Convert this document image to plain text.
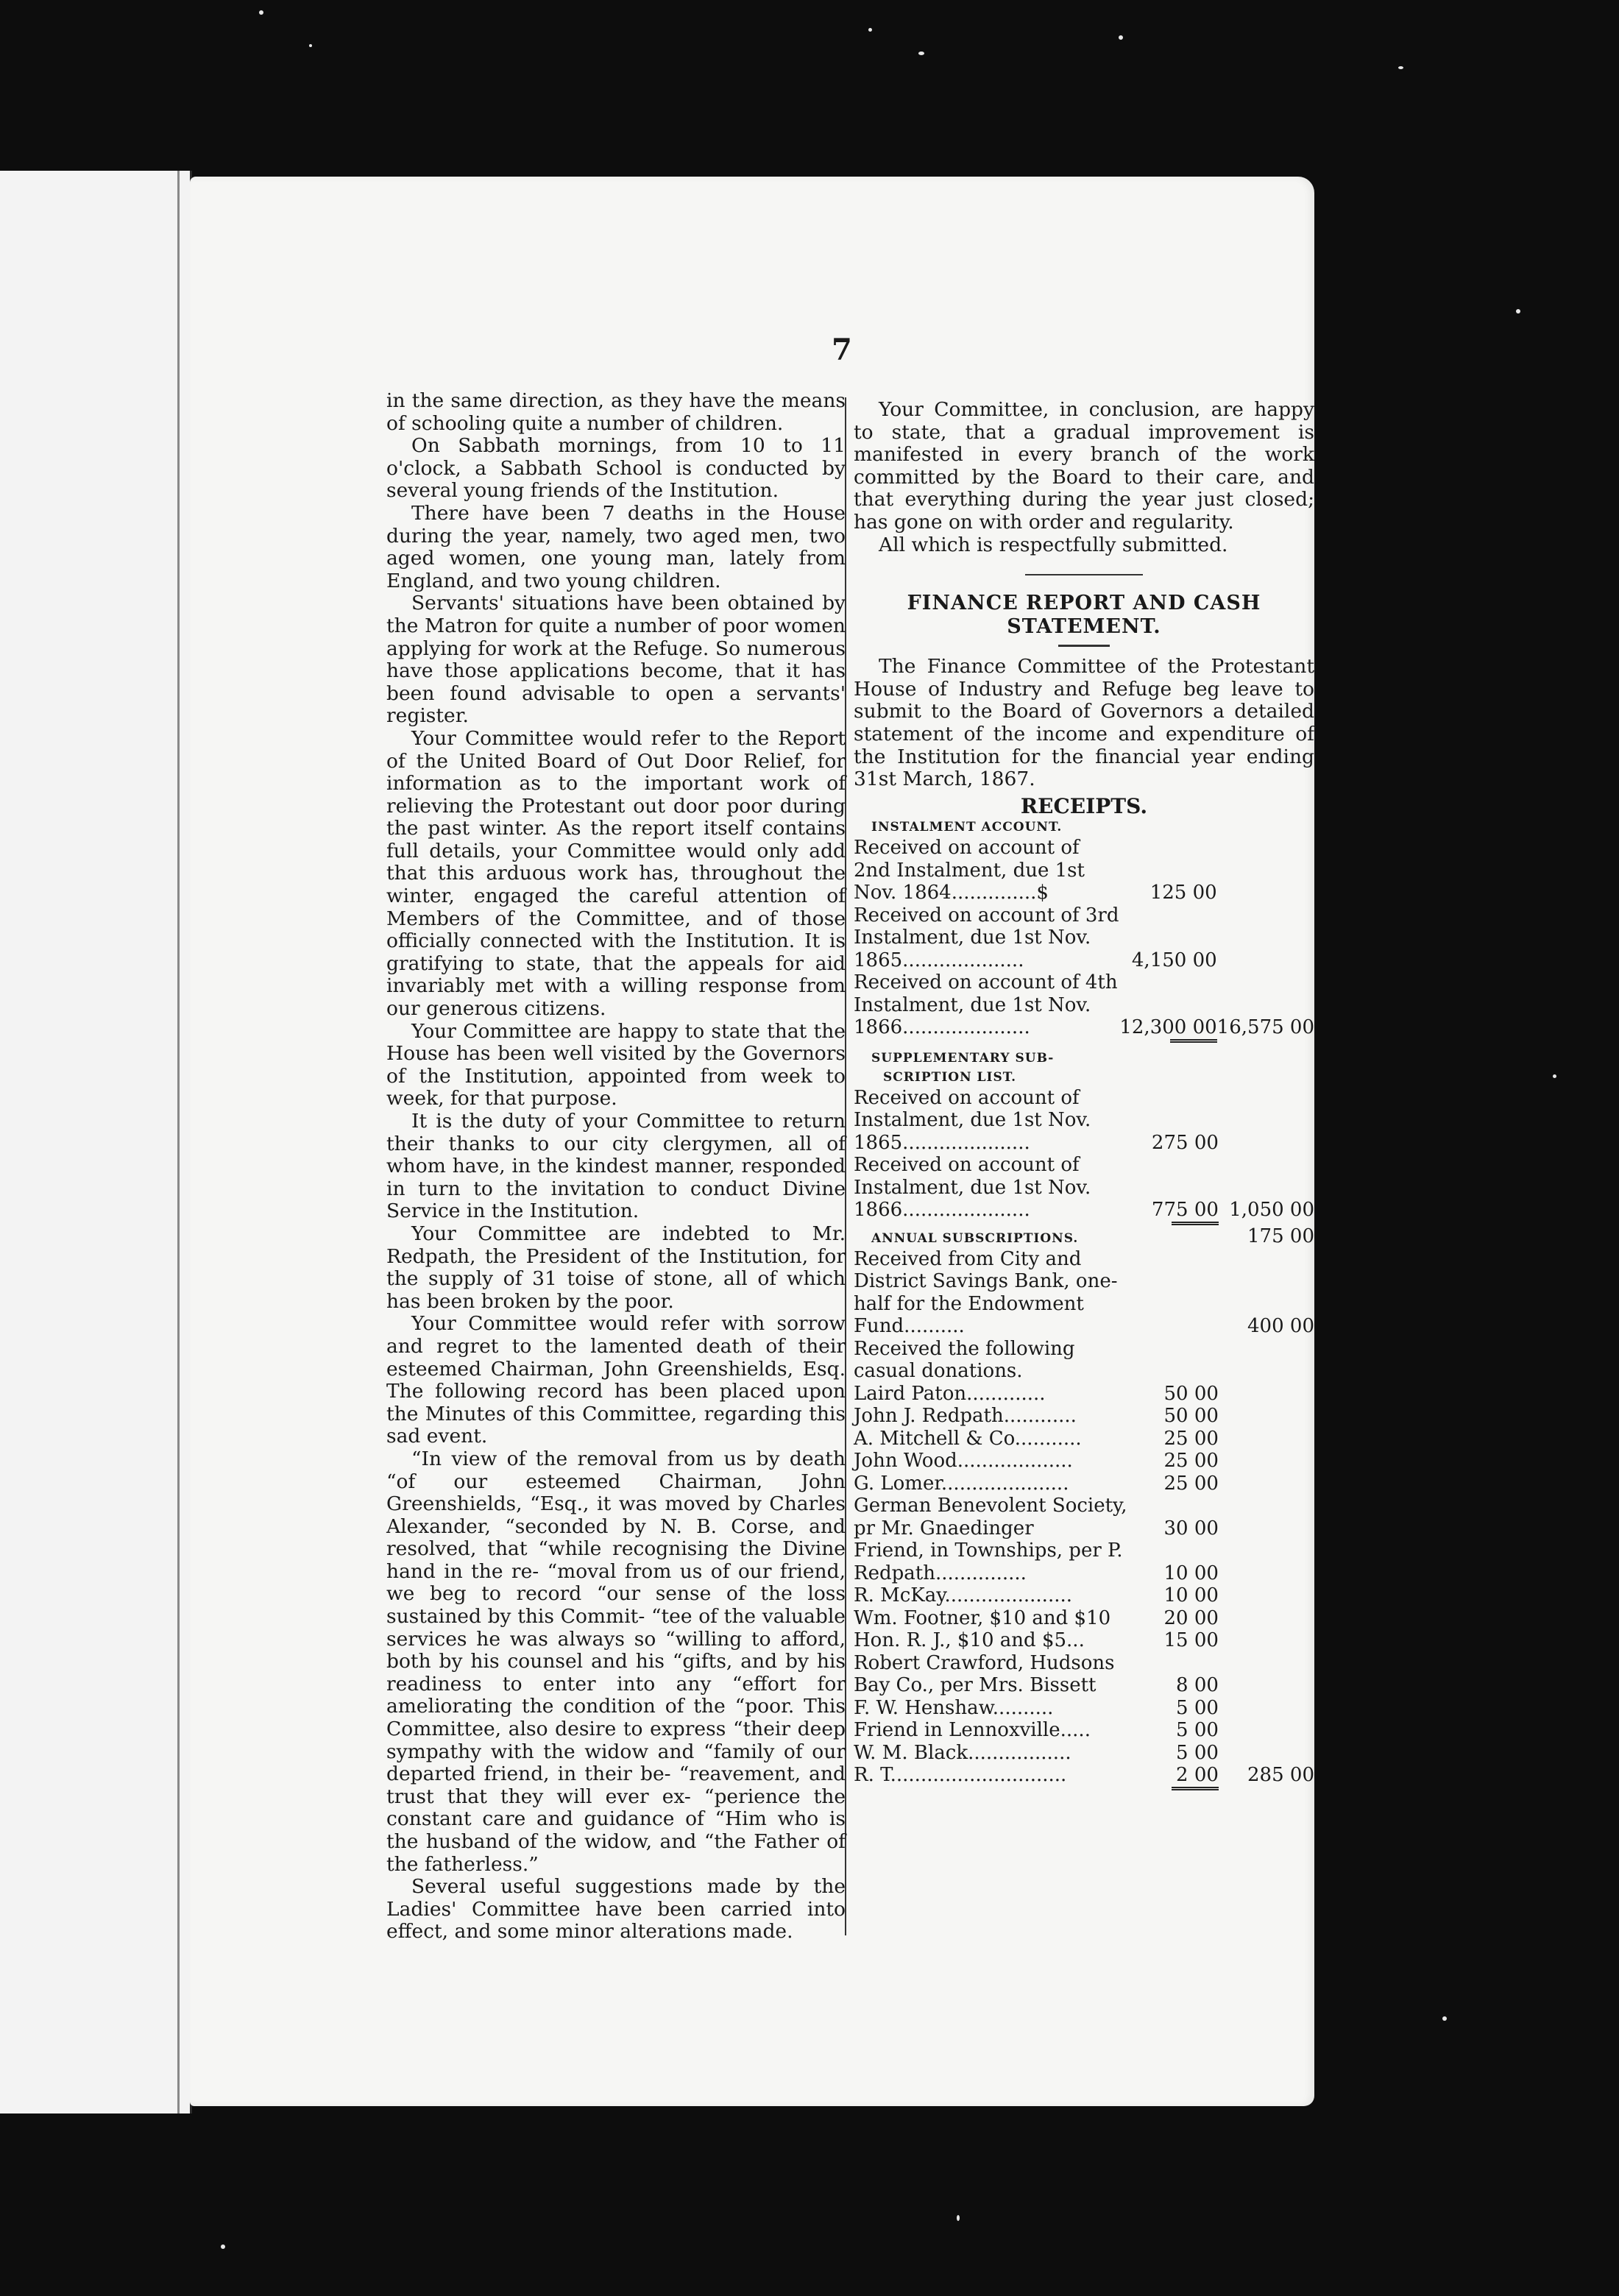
7

in the same direction, as they have the means of schooling quite a number of children.

On Sabbath mornings, from 10 to 11 o'clock, a Sabbath School is conducted by several young friends of the Institution.

There have been 7 deaths in the House during the year, namely, two aged men, two aged women, one young man, lately from England, and two young children.

Servants' situations have been obtained by the Matron for quite a number of poor women applying for work at the Refuge. So numerous have those applications become, that it has been found advisable to open a servants' register.

Your Committee would refer to the Report of the United Board of Out Door Relief, for information as to the important work of relieving the Protestant out door poor during the past winter. As the report itself contains full details, your Committee would only add that this arduous work has, throughout the winter, engaged the careful attention of Members of the Committee, and of those officially connected with the Institution. It is gratifying to state, that the appeals for aid invariably met with a willing response from our generous citizens.

Your Committee are happy to state that the House has been well visited by the Governors of the Institution, appointed from week to week, for that purpose.

It is the duty of your Committee to return their thanks to our city clergymen, all of whom have, in the kindest manner, responded in turn to the invitation to conduct Divine Service in the Institution.

Your Committee are indebted to Mr. Redpath, the President of the Institution, for the supply of 31 toise of stone, all of which has been broken by the poor.

Your Committee would refer with sorrow and regret to the lamented death of their esteemed Chairman, John Greenshields, Esq. The following record has been placed upon the Minutes of this Committee, regarding this sad event.

“In view of the removal from us by death “of our esteemed Chairman, John Greenshields, “Esq., it was moved by Charles Alexander, “seconded by N. B. Corse, and resolved, that “while recognising the Divine hand in the re- “moval from us of our friend, we beg to record “our sense of the loss sustained by this Commit- “tee of the valuable services he was always so “willing to afford, both by his counsel and his “gifts, and by his readiness to enter into any “effort for ameliorating the condition of the “poor. This Committee, also desire to express “their deep sympathy with the widow and “family of our departed friend, in their be- “reavement, and trust that they will ever ex- “perience the constant care and guidance of “Him who is the husband of the widow, and “the Father of the fatherless.”

Several useful suggestions made by the Ladies' Committee have been carried into effect, and some minor alterations made.

Your Committee, in conclusion, are happy to state, that a gradual improvement is manifested in every branch of the work committed by the Board to their care, and that everything during the year just closed; has gone on with order and regularity.

All which is respectfully submitted.

FINANCE REPORT AND CASH STATEMENT.

The Finance Committee of the Protestant House of Industry and Refuge beg leave to submit to the Board of Governors a detailed statement of the income and expenditure of the Institution for the financial year ending 31st March, 1867.

RECEIPTS.
INSTALMENT ACCOUNT.
Received on account of 2nd Instalment, due 1st Nov. 1864..............$	125 00	
Received on account of 3rd Instalment, due 1st Nov. 1865....................	4,150 00	
Received on account of 4th Instalment, due 1st Nov. 1866.....................	12,300 00	16,575 00

SUPPLEMENTARY SUB-
SCRIPTION LIST.
Received on account of Instalment, due 1st Nov. 1865.....................	275 00	
Received on account of Instalment, due 1st Nov. 1866.....................	775 00	1,050 00

ANNUAL SUBSCRIPTIONS.		175 00
Received from City and District Savings Bank, one-half for the Endowment Fund..........		400 00
Received the following casual donations.		
Laird Paton.............	50 00	
John J. Redpath............	50 00	
A. Mitchell & Co...........	25 00	
John Wood...................	25 00	
G. Lomer.....................	25 00	
German Benevolent Society, pr Mr. Gnaedinger	30 00	
Friend, in Townships, per P. Redpath...............	10 00	
R. McKay.....................	10 00	
Wm. Footner, $10 and $10	20 00	
Hon. R. J., $10 and $5...	15 00	
Robert Crawford, Hudsons Bay Co., per Mrs. Bissett	8 00	
F. W. Henshaw..........	5 00	
Friend in Lennoxville.....	5 00	
W. M. Black.................	5 00	
R. T.............................	2 00	285 00
